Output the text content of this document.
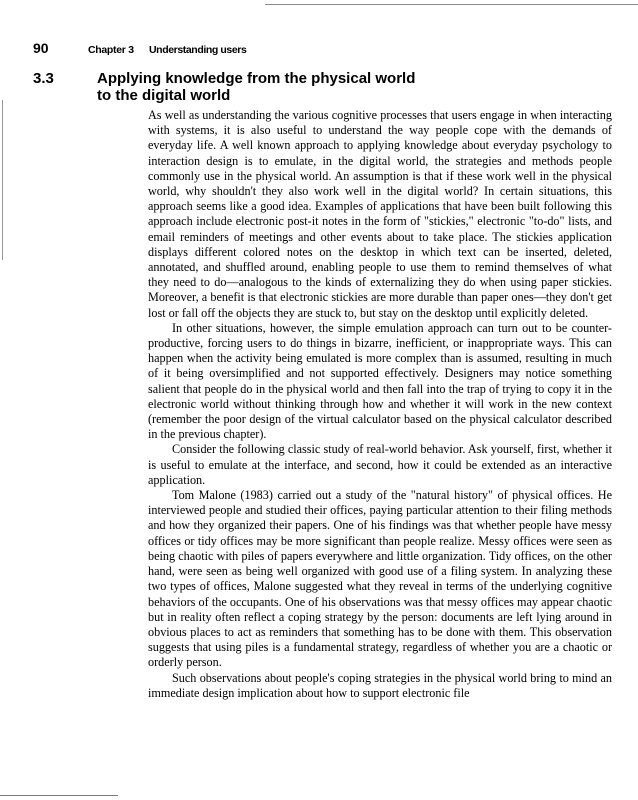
90	Chapter 3	Understanding users
3.3	Applying knowledge from the physical world
to the digital world

As well as understanding the various cognitive processes that users engage in when interacting with systems, it is also useful to understand the way people cope with the demands of everyday life. A well known approach to applying knowledge about everyday psychology to interaction design is to emulate, in the digital world, the strategies and methods people commonly use in the physical world. An assumption is that if these work well in the physical world, why shouldn't they also work well in the digital world? In certain situations, this approach seems like a good idea. Examples of applications that have been built following this approach include electronic post-it notes in the form of "stickies," electronic "to-do" lists, and email reminders of meetings and other events about to take place. The stickies application displays different colored notes on the desktop in which text can be inserted, deleted, annotated, and shuffled around, enabling people to use them to remind themselves of what they need to do—analogous to the kinds of externalizing they do when using paper stickies. Moreover, a benefit is that electronic stickies are more durable than paper ones—they don't get lost or fall off the objects they are stuck to, but stay on the desktop until explicitly deleted.

In other situations, however, the simple emulation approach can turn out to be counter-productive, forcing users to do things in bizarre, inefficient, or inappropriate ways. This can happen when the activity being emulated is more complex than is assumed, resulting in much of it being oversimplified and not supported effectively. Designers may notice something salient that people do in the physical world and then fall into the trap of trying to copy it in the electronic world without thinking through how and whether it will work in the new context (remember the poor design of the virtual calculator based on the physical calculator described in the previous chapter).

Consider the following classic study of real-world behavior. Ask yourself, first, whether it is useful to emulate at the interface, and second, how it could be extended as an interactive application.

Tom Malone (1983) carried out a study of the "natural history" of physical offices. He interviewed people and studied their offices, paying particular attention to their filing methods and how they organized their papers. One of his findings was that whether people have messy offices or tidy offices may be more significant than people realize. Messy offices were seen as being chaotic with piles of papers everywhere and little organization. Tidy offices, on the other hand, were seen as being well organized with good use of a filing system. In analyzing these two types of offices, Malone suggested what they reveal in terms of the underlying cognitive behaviors of the occupants. One of his observations was that messy offices may appear chaotic but in reality often reflect a coping strategy by the person: documents are left lying around in obvious places to act as reminders that something has to be done with them. This observation suggests that using piles is a fundamental strategy, regardless of whether you are a chaotic or orderly person.

Such observations about people's coping strategies in the physical world bring to mind an immediate design implication about how to support electronic file
